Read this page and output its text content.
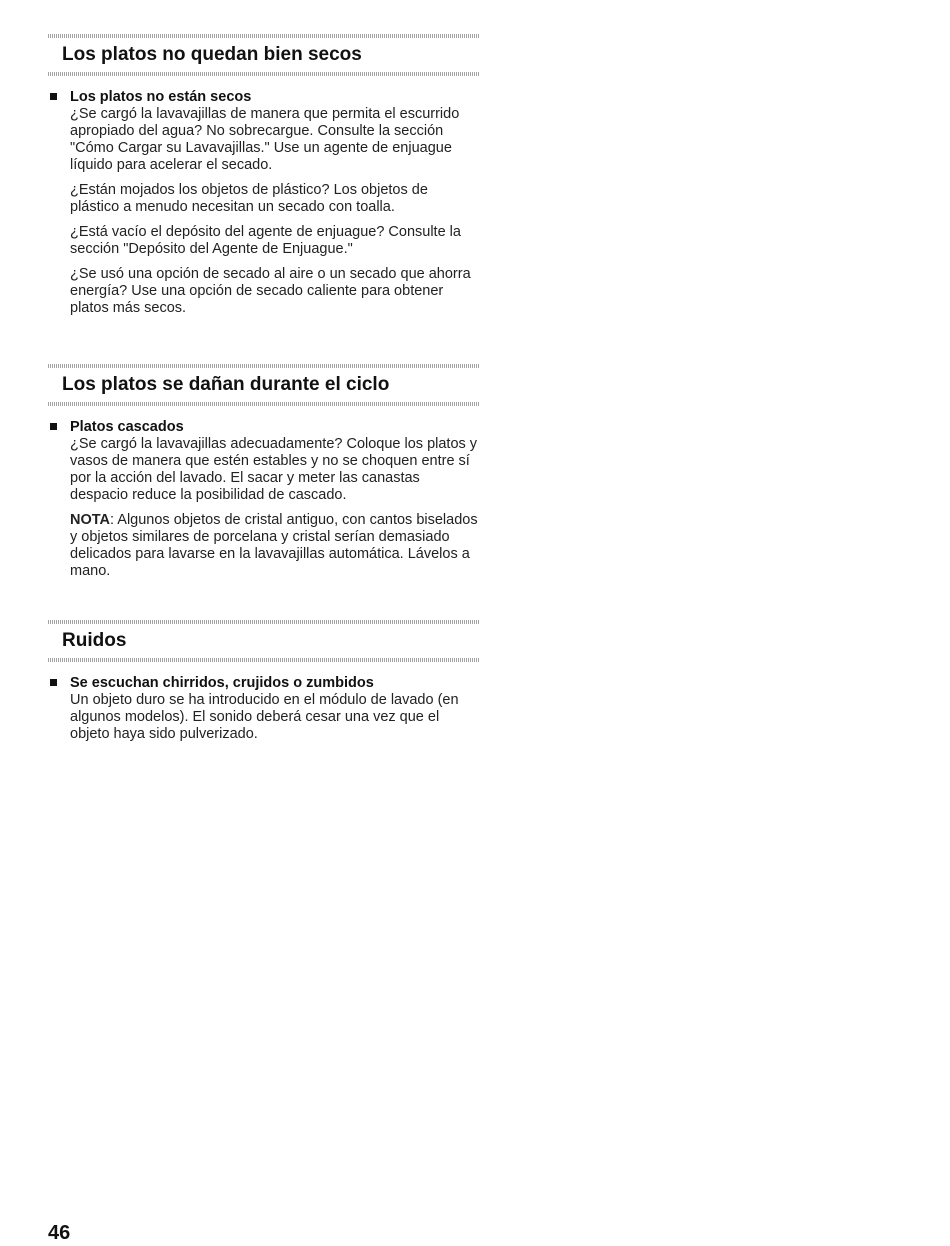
Los platos no quedan bien secos
Los platos no están secos

¿Se cargó la lavavajillas de manera que permita el escurrido apropiado del agua? No sobrecargue. Consulte la sección "Cómo Cargar su Lavavajillas." Use un agente de enjuague líquido para acelerar el secado.

¿Están mojados los objetos de plástico? Los objetos de plástico a menudo necesitan un secado con toalla.

¿Está vacío el depósito del agente de enjuague? Consulte la sección "Depósito del Agente de Enjuague."

¿Se usó una opción de secado al aire o un secado que ahorra energía? Use una opción de secado caliente para obtener platos más secos.

Los platos se dañan durante el ciclo
Platos cascados

¿Se cargó la lavavajillas adecuadamente? Coloque los platos y vasos de manera que estén estables y no se choquen entre sí por la acción del lavado. El sacar y meter las canastas despacio reduce la posibilidad de cascado.

NOTA: Algunos objetos de cristal antiguo, con cantos biselados y objetos similares de porcelana y cristal serían demasiado delicados para lavarse en la lavavajillas automática. Lávelos a mano.

Ruidos
Se escuchan chirridos, crujidos o zumbidos

Un objeto duro se ha introducido en el módulo de lavado (en algunos modelos). El sonido deberá cesar una vez que el objeto haya sido pulverizado.

46
